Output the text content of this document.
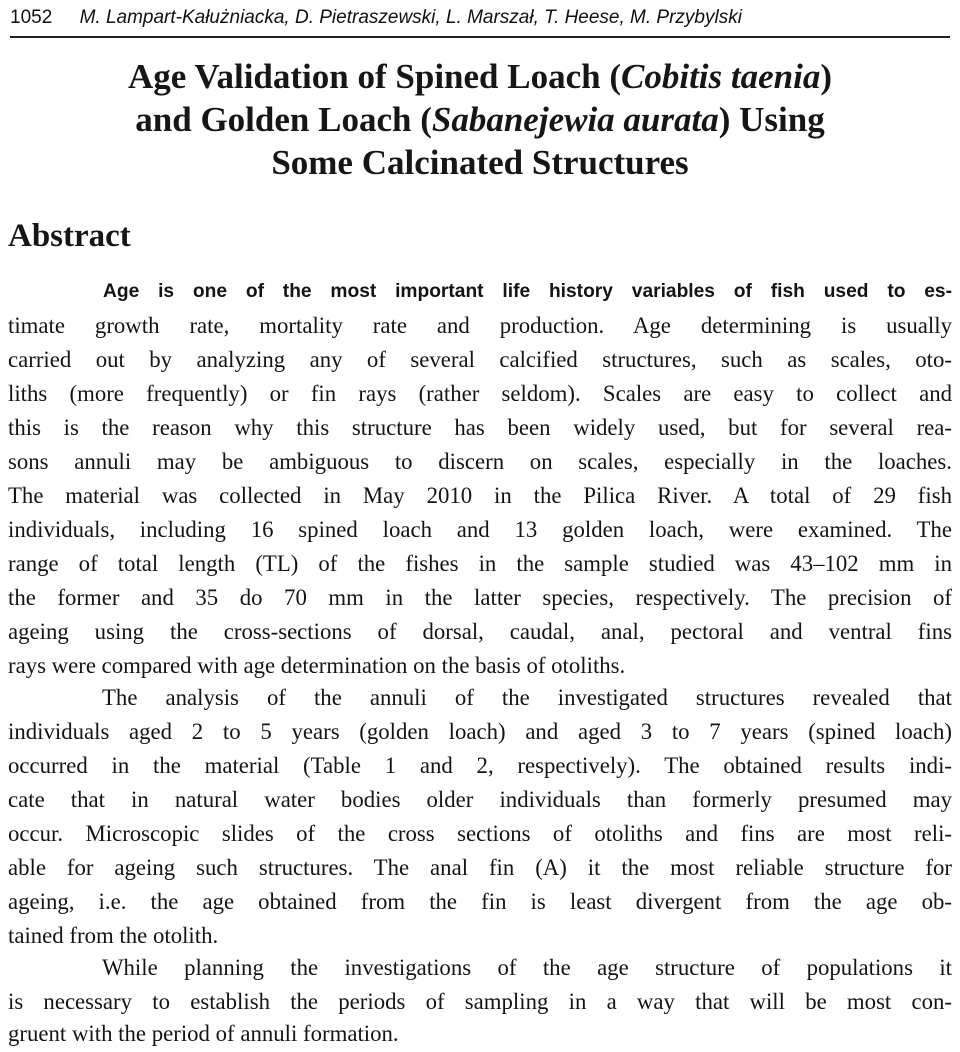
1052 M. Lampart-Kałużniacka, D. Pietraszewski, L. Marszał, T. Heese, M. Przybylski
Age Validation of Spined Loach (Cobitis taenia)
and Golden Loach (Sabanejewia aurata) Using
Some Calcinated Structures
Abstract
Age is one of the most important life history variables of fish used to es-
timate growth rate, mortality rate and production. Age determining is usually
carried out by analyzing any of several calcified structures, such as scales, oto-
liths (more frequently) or fin rays (rather seldom). Scales are easy to collect and
this is the reason why this structure has been widely used, but for several rea-
sons annuli may be ambiguous to discern on scales, especially in the loaches.
The material was collected in May 2010 in the Pilica River. A total of 29 fish
individuals, including 16 spined loach and 13 golden loach, were examined. The
range of total length (TL) of the fishes in the sample studied was 43–102 mm in
the former and 35 do 70 mm in the latter species, respectively. The precision of
ageing using the cross-sections of dorsal, caudal, anal, pectoral and ventral fins
rays were compared with age determination on the basis of otoliths.
The analysis of the annuli of the investigated structures revealed that
individuals aged 2 to 5 years (golden loach) and aged 3 to 7 years (spined loach)
occurred in the material (Table 1 and 2, respectively). The obtained results indi-
cate that in natural water bodies older individuals than formerly presumed may
occur. Microscopic slides of the cross sections of otoliths and fins are most reli-
able for ageing such structures. The anal fin (A) it the most reliable structure for
ageing, i.e. the age obtained from the fin is least divergent from the age ob-
tained from the otolith.
While planning the investigations of the age structure of populations it
is necessary to establish the periods of sampling in a way that will be most con-
gruent with the period of annuli formation.
